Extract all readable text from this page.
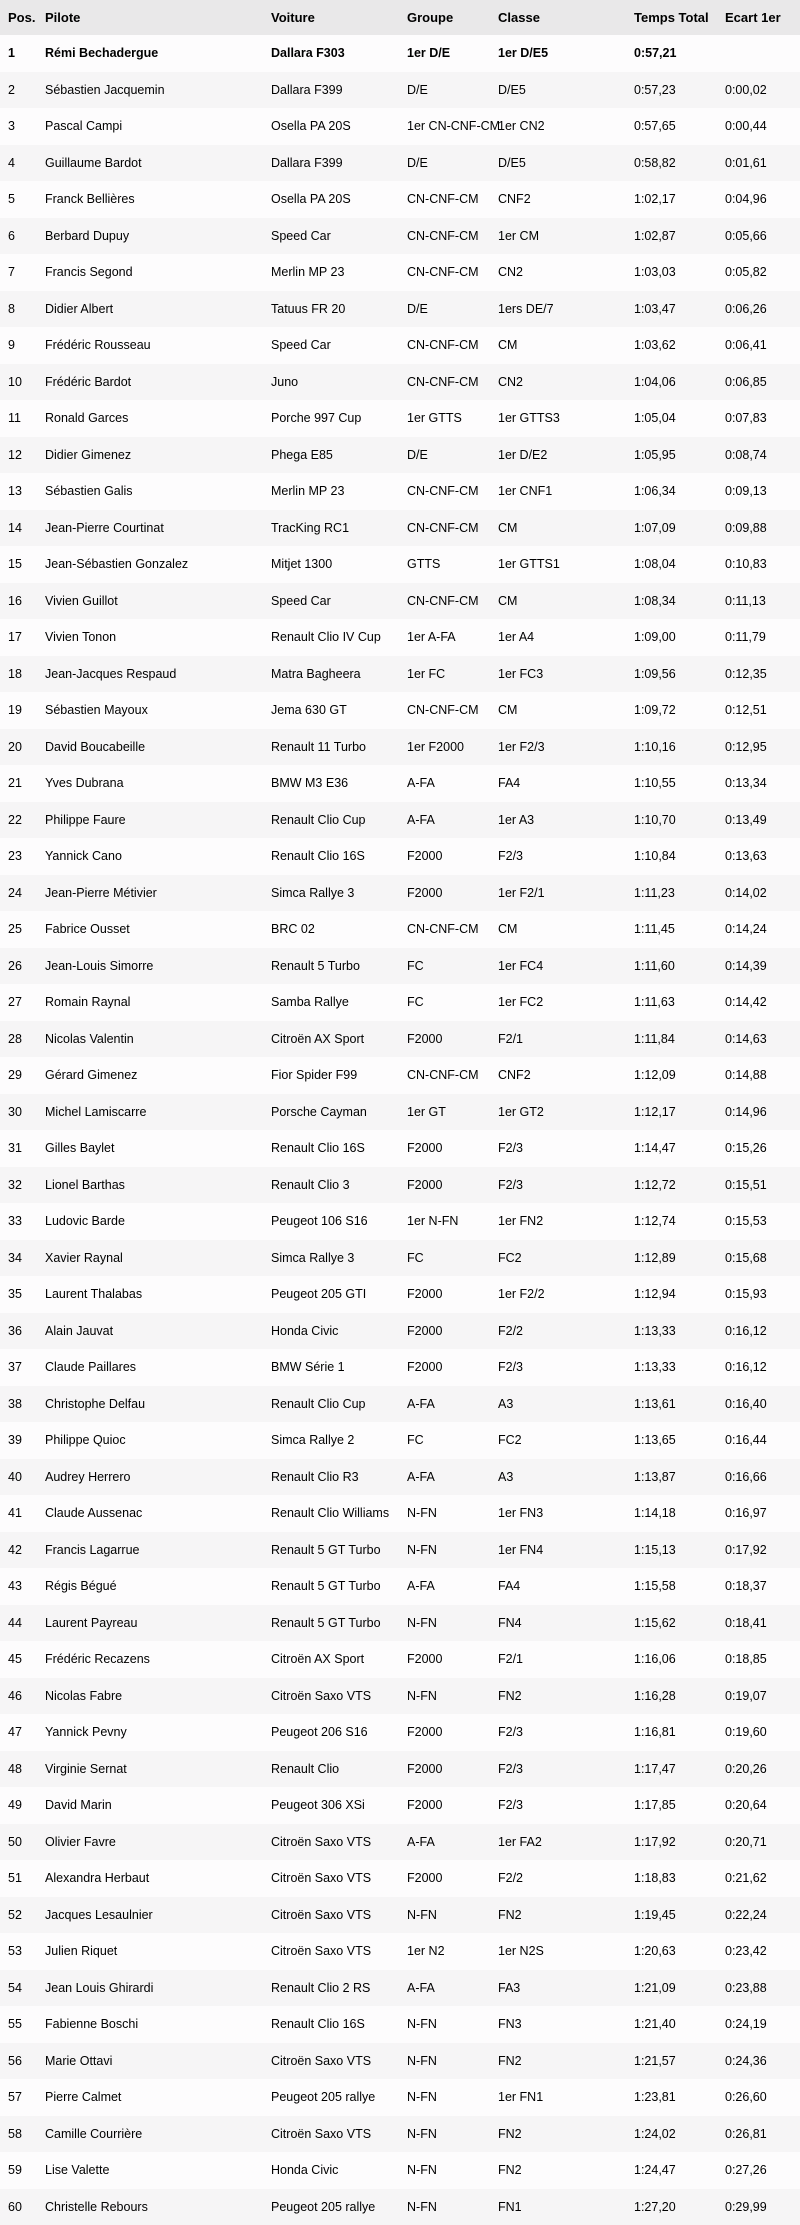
Pos.	Pilote	Voiture	Groupe	Classe	Temps Total	Ecart 1er
1	Rémi Bechadergue	Dallara F303	1er D/E	1er D/E5	0:57,21	
2	Sébastien Jacquemin	Dallara F399	D/E	D/E5	0:57,23	0:00,02
3	Pascal Campi	Osella PA 20S	1er CN-CNF-CM	1er CN2	0:57,65	0:00,44
4	Guillaume Bardot	Dallara F399	D/E	D/E5	0:58,82	0:01,61
5	Franck Bellières	Osella PA 20S	CN-CNF-CM	CNF2	1:02,17	0:04,96
6	Berbard Dupuy	Speed Car	CN-CNF-CM	1er CM	1:02,87	0:05,66
7	Francis Segond	Merlin MP 23	CN-CNF-CM	CN2	1:03,03	0:05,82
8	Didier Albert	Tatuus FR 20	D/E	1ers DE/7	1:03,47	0:06,26
9	Frédéric Rousseau	Speed Car	CN-CNF-CM	CM	1:03,62	0:06,41
10	Frédéric Bardot	Juno	CN-CNF-CM	CN2	1:04,06	0:06,85
11	Ronald Garces	Porche 997 Cup	1er GTTS	1er GTTS3	1:05,04	0:07,83
12	Didier Gimenez	Phega E85	D/E	1er D/E2	1:05,95	0:08,74
13	Sébastien Galis	Merlin MP 23	CN-CNF-CM	1er CNF1	1:06,34	0:09,13
14	Jean-Pierre Courtinat	TracKing RC1	CN-CNF-CM	CM	1:07,09	0:09,88
15	Jean-Sébastien Gonzalez	Mitjet 1300	GTTS	1er GTTS1	1:08,04	0:10,83
16	Vivien Guillot	Speed Car	CN-CNF-CM	CM	1:08,34	0:11,13
17	Vivien Tonon	Renault Clio IV Cup	1er A-FA	1er A4	1:09,00	0:11,79
18	Jean-Jacques Respaud	Matra Bagheera	1er FC	1er FC3	1:09,56	0:12,35
19	Sébastien Mayoux	Jema 630 GT	CN-CNF-CM	CM	1:09,72	0:12,51
20	David Boucabeille	Renault 11 Turbo	1er F2000	1er F2/3	1:10,16	0:12,95
21	Yves Dubrana	BMW M3 E36	A-FA	FA4	1:10,55	0:13,34
22	Philippe Faure	Renault Clio Cup	A-FA	1er A3	1:10,70	0:13,49
23	Yannick Cano	Renault Clio 16S	F2000	F2/3	1:10,84	0:13,63
24	Jean-Pierre Métivier	Simca Rallye 3	F2000	1er F2/1	1:11,23	0:14,02
25	Fabrice Ousset	BRC 02	CN-CNF-CM	CM	1:11,45	0:14,24
26	Jean-Louis Simorre	Renault 5 Turbo	FC	1er FC4	1:11,60	0:14,39
27	Romain Raynal	Samba Rallye	FC	1er FC2	1:11,63	0:14,42
28	Nicolas Valentin	Citroën AX Sport	F2000	F2/1	1:11,84	0:14,63
29	Gérard Gimenez	Fior Spider F99	CN-CNF-CM	CNF2	1:12,09	0:14,88
30	Michel Lamiscarre	Porsche Cayman	1er GT	1er GT2	1:12,17	0:14,96
31	Gilles Baylet	Renault Clio 16S	F2000	F2/3	1:14,47	0:15,26
32	Lionel Barthas	Renault Clio 3	F2000	F2/3	1:12,72	0:15,51
33	Ludovic Barde	Peugeot 106 S16	1er N-FN	1er FN2	1:12,74	0:15,53
34	Xavier Raynal	Simca Rallye 3	FC	FC2	1:12,89	0:15,68
35	Laurent Thalabas	Peugeot 205 GTI	F2000	1er F2/2	1:12,94	0:15,93
36	Alain Jauvat	Honda Civic	F2000	F2/2	1:13,33	0:16,12
37	Claude Paillares	BMW Série 1	F2000	F2/3	1:13,33	0:16,12
38	Christophe Delfau	Renault Clio Cup	A-FA	A3	1:13,61	0:16,40
39	Philippe Quioc	Simca Rallye 2	FC	FC2	1:13,65	0:16,44
40	Audrey Herrero	Renault Clio R3	A-FA	A3	1:13,87	0:16,66
41	Claude Aussenac	Renault Clio Williams	N-FN	1er FN3	1:14,18	0:16,97
42	Francis Lagarrue	Renault 5 GT Turbo	N-FN	1er FN4	1:15,13	0:17,92
43	Régis Bégué	Renault 5 GT Turbo	A-FA	FA4	1:15,58	0:18,37
44	Laurent Payreau	Renault 5 GT Turbo	N-FN	FN4	1:15,62	0:18,41
45	Frédéric Recazens	Citroën AX Sport	F2000	F2/1	1:16,06	0:18,85
46	Nicolas Fabre	Citroën Saxo VTS	N-FN	FN2	1:16,28	0:19,07
47	Yannick Pevny	Peugeot 206 S16	F2000	F2/3	1:16,81	0:19,60
48	Virginie Sernat	Renault Clio	F2000	F2/3	1:17,47	0:20,26
49	David Marin	Peugeot 306 XSi	F2000	F2/3	1:17,85	0:20,64
50	Olivier Favre	Citroën Saxo VTS	A-FA	1er FA2	1:17,92	0:20,71
51	Alexandra Herbaut	Citroën Saxo VTS	F2000	F2/2	1:18,83	0:21,62
52	Jacques Lesaulnier	Citroën Saxo VTS	N-FN	FN2	1:19,45	0:22,24
53	Julien Riquet	Citroën Saxo VTS	1er N2	1er N2S	1:20,63	0:23,42
54	Jean Louis Ghirardi	Renault Clio 2 RS	A-FA	FA3	1:21,09	0:23,88
55	Fabienne Boschi	Renault Clio 16S	N-FN	FN3	1:21,40	0:24,19
56	Marie Ottavi	Citroën Saxo VTS	N-FN	FN2	1:21,57	0:24,36
57	Pierre Calmet	Peugeot 205 rallye	N-FN	1er FN1	1:23,81	0:26,60
58	Camille Courrière	Citroën Saxo VTS	N-FN	FN2	1:24,02	0:26,81
59	Lise Valette	Honda Civic	N-FN	FN2	1:24,47	0:27,26
60	Christelle Rebours	Peugeot 205 rallye	N-FN	FN1	1:27,20	0:29,99
